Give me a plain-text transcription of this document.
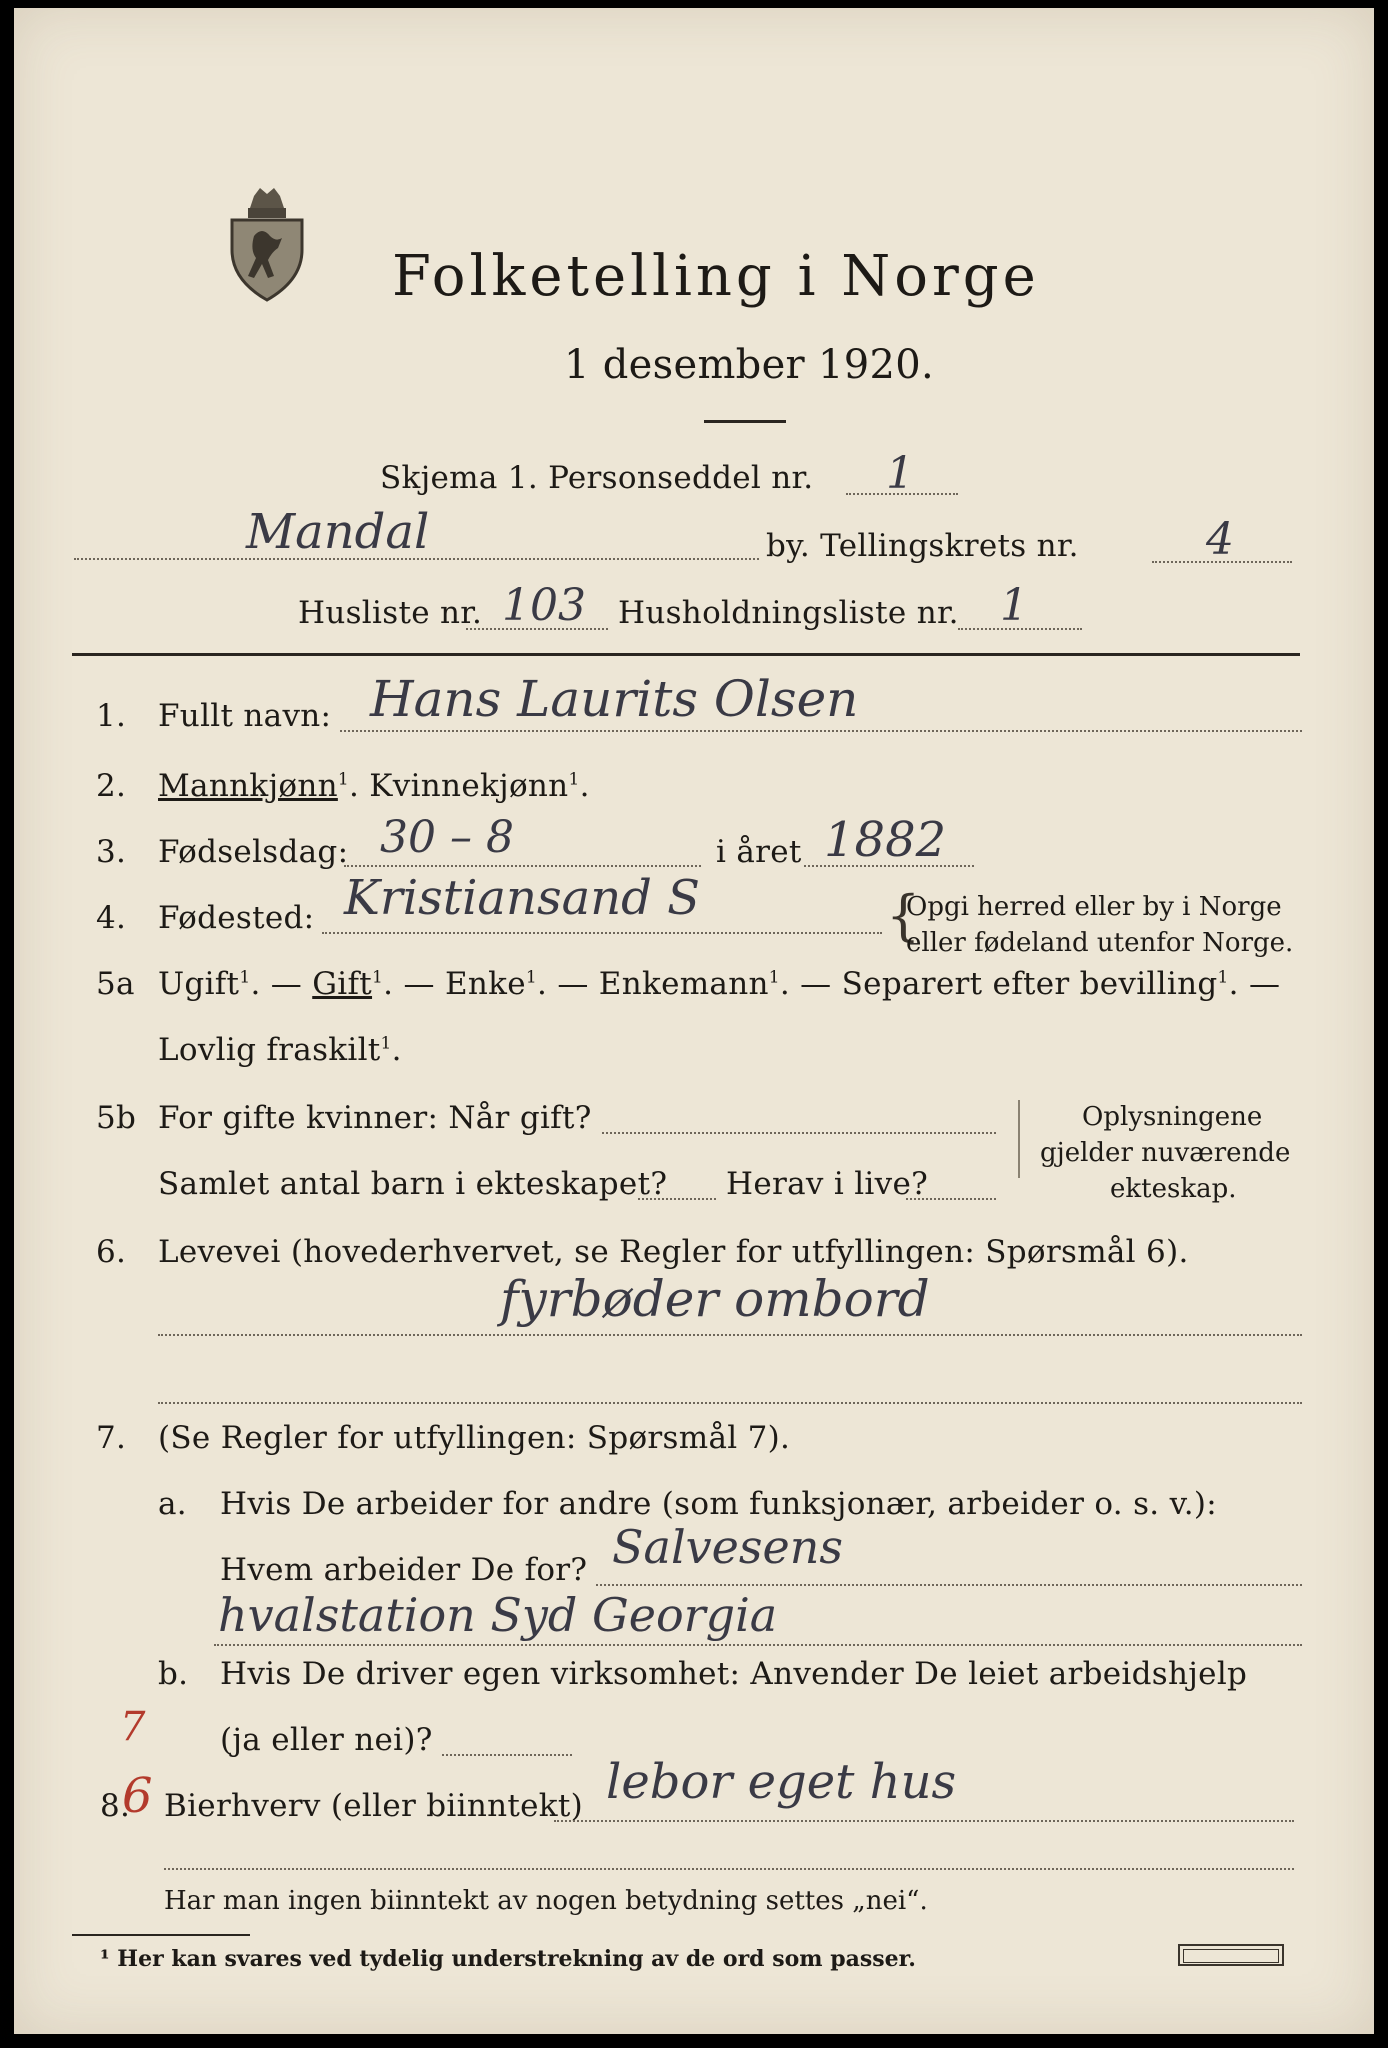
Folketelling i Norge
1 desember 1920.
Skjema 1. Personseddel nr. 1
Mandal	by. Tellingskrets nr.	4
Husliste nr. 103 Husholdningsliste nr. 1
1. Fullt navn: Hans Laurits Olsen
2. Mannkjønn$^1$. Kvinnekjønn$^1$.
3. Fødselsdag: 30 – 8	i året 1882
4. Fødested: Kristiansand S	{
Opgi herred eller by i Norge
eller fødeland utenfor Norge.
5a Ugift$^1$. — Gift$^1$. — Enke$^1$. — Enkemann$^1$. — Separert efter bevilling$^1$. —
Lovlig fraskilt$^1$.
5b For gifte kvinner: Når gift?
Samlet antal barn i ekteskapet? Herav i live?
Oplysningene
gjelder nuværende
ekteskap.
6. Levevei (hovederhvervet, se Regler for utfyllingen: Spørsmål 6).
fyrbøder ombord
7. (Se Regler for utfyllingen: Spørsmål 7).
a. Hvis De arbeider for andre (som funksjonær, arbeider o. s. v.):
Hvem arbeider De for? Salvesens
hvalstation Syd Georgia
b. Hvis De driver egen virksomhet: Anvender De leiet arbeidshjelp
(ja eller nei)?
7
8.
6 Bierhverv (eller biinntekt) lebor eget hus
Har man ingen biinntekt av nogen betydning settes „nei“.
¹ Her kan svares ved tydelig understrekning av de ord som passer.
